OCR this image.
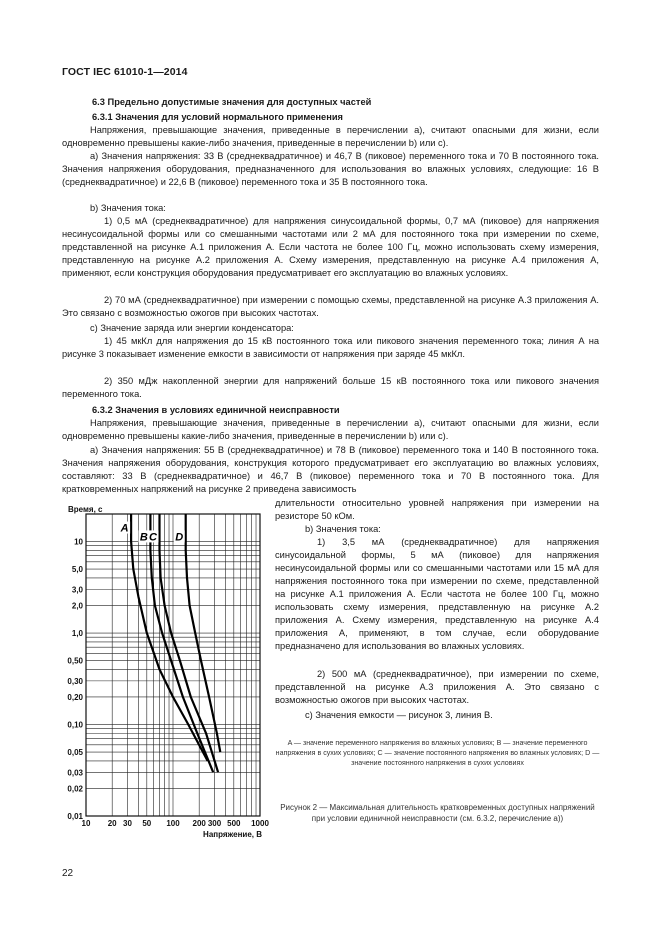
ГОСТ IEC 61010-1—2014
6.3 Предельно допустимые значения для доступных частей
6.3.1 Значения для условий нормального применения
Напряжения, превышающие значения, приведенные в перечислении a), считают опасными для жизни, если одновременно превышены какие-либо значения, приведенные в перечислении b) или c).
a) Значения напряжения: 33 В (среднеквадратичное) и 46,7 В (пиковое) переменного тока и 70 В постоянного тока. Значения напряжения оборудования, предназначенного для использования во влажных условиях, следующие: 16 В (среднеквадратичное) и 22,6 В (пиковое) переменного тока и 35 В постоянного тока.
b) Значения тока:
1) 0,5 мА (среднеквадратичное) для напряжения синусоидальной формы, 0,7 мА (пиковое) для напряжения несинусоидальной формы или со смешанными частотами или 2 мА для постоянного тока при измерении по схеме, представленной на рисунке А.1 приложения А. Если частота не более 100 Гц, можно использовать схему измерения, представленную на рисунке А.2 приложения А. Схему измерения, представленную на рисунке А.4 приложения А, применяют, если конструкция оборудования предусматривает его эксплуатацию во влажных условиях.
2) 70 мА (среднеквадратичное) при измерении с помощью схемы, представленной на рисунке А.3 приложения А. Это связано с возможностью ожогов при высоких частотах.
c) Значение заряда или энергии конденсатора:
1) 45 мкКл для напряжения до 15 кВ постоянного тока или пикового значения переменного тока; линия А на рисунке 3 показывает изменение емкости в зависимости от напряжения при заряде 45 мкКл.
2) 350 мДж накопленной энергии для напряжений больше 15 кВ постоянного тока или пикового значения переменного тока.
6.3.2 Значения в условиях единичной неисправности
Напряжения, превышающие значения, приведенные в перечислении a), считают опасными для жизни, если одновременно превышены какие-либо значения, приведенные в перечислении b) или c).
a) Значения напряжения: 55 В (среднеквадратичное) и 78 В (пиковое) переменного тока и 140 В постоянного тока. Значения напряжения оборудования, конструкция которого предусматривает его эксплуатацию во влажных условиях, составляют: 33 В (среднеквадратичное) и 46,7 В (пиковое) переменного тока и 70 В постоянного тока. Для кратковременных напряжений на рисунке 2 приведена зависимость
длительности относительно уровней напряжения при измерении на резисторе 50 кОм.
b) Значения тока:
1) 3,5 мА (среднеквадратичное) для напряжения синусоидальной формы, 5 мА (пиковое) для напряжения несинусоидальной формы или со смешанными частотами или 15 мА для напряжения постоянного тока при измерении по схеме, представленной на рисунке А.1 приложения А. Если частота не более 100 Гц, можно использовать схему измерения, представленную на рисунке А.2 приложения А. Схему измерения, представленную на рисунке А.4 приложения А, применяют, в том случае, если оборудование предназначено для использования во влажных условиях.
2) 500 мА (среднеквадратичное), при измерении по схеме, представленной на рисунке А.3 приложения А. Это связано с возможностью ожогов при высоких частотах.
c) Значения емкости — рисунок 3, линия В.
A — значение переменного напряжения во влажных условиях; B — значение переменного напряжения в сухих условиях; C — значение постоянного напряжения во влажных условиях; D — значение постоянного напряжения в сухих условиях
Рисунок 2 — Максимальная длительность кратковременных доступных напряжений при условии единичной неисправности (см. 6.3.2, перечисление a))
0,01
0,02
0,03
0,05
0,10
0,20
0,30
0,50
1,0
2,0
3,0
5,0
10
10 20 30 50 100 200 300 500 1000
Время, с
Напряжение, В
A
B C D
22
